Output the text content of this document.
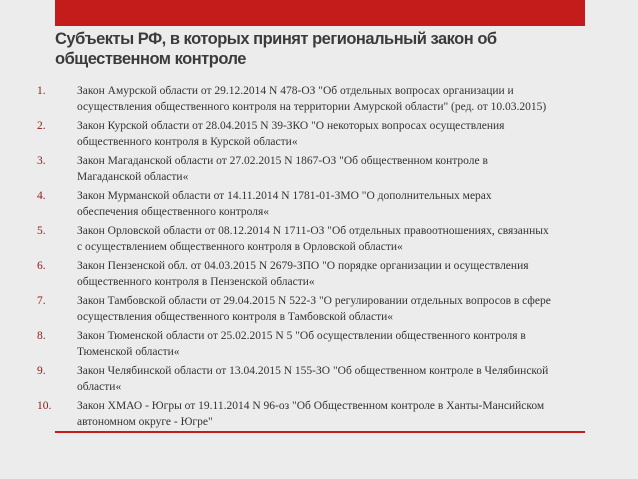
Субъекты РФ, в которых принят региональный закон об
общественном контроле
1.	Закон Амурской области от 29.12.2014 N 478-ОЗ "Об отдельных вопросах организации и
осуществления общественного контроля на территории Амурской области" (ред. от 10.03.2015)
2.	Закон Курской области от 28.04.2015 N 39-ЗКО "О некоторых вопросах осуществления
общественного контроля в Курской области«
3.	Закон Магаданской области от 27.02.2015 N 1867-ОЗ "Об общественном контроле в
Магаданской области«
4.	Закон Мурманской области от 14.11.2014 N 1781-01-ЗМО "О дополнительных мерах
обеспечения общественного контроля«
5.	Закон Орловской области от 08.12.2014 N 1711-ОЗ "Об отдельных правоотношениях, связанных
с осуществлением общественного контроля в Орловской области«
6.	Закон Пензенской обл. от 04.03.2015 N 2679-ЗПО "О порядке организации и осуществления
общественного контроля в Пензенской области«
7.	Закон Тамбовской области от 29.04.2015 N 522-З "О регулировании отдельных вопросов в сфере
осуществления общественного контроля в Тамбовской области«
8.	Закон Тюменской области от 25.02.2015 N 5 "Об осуществлении общественного контроля в
Тюменской области«
9.	Закон Челябинской области от 13.04.2015 N 155-ЗО "Об общественном контроле в Челябинской
области«
10. Закон ХМАО - Югры от 19.11.2014 N 96-оз "Об Общественном контроле в Ханты-Мансийском
автономном округе - Югре"
